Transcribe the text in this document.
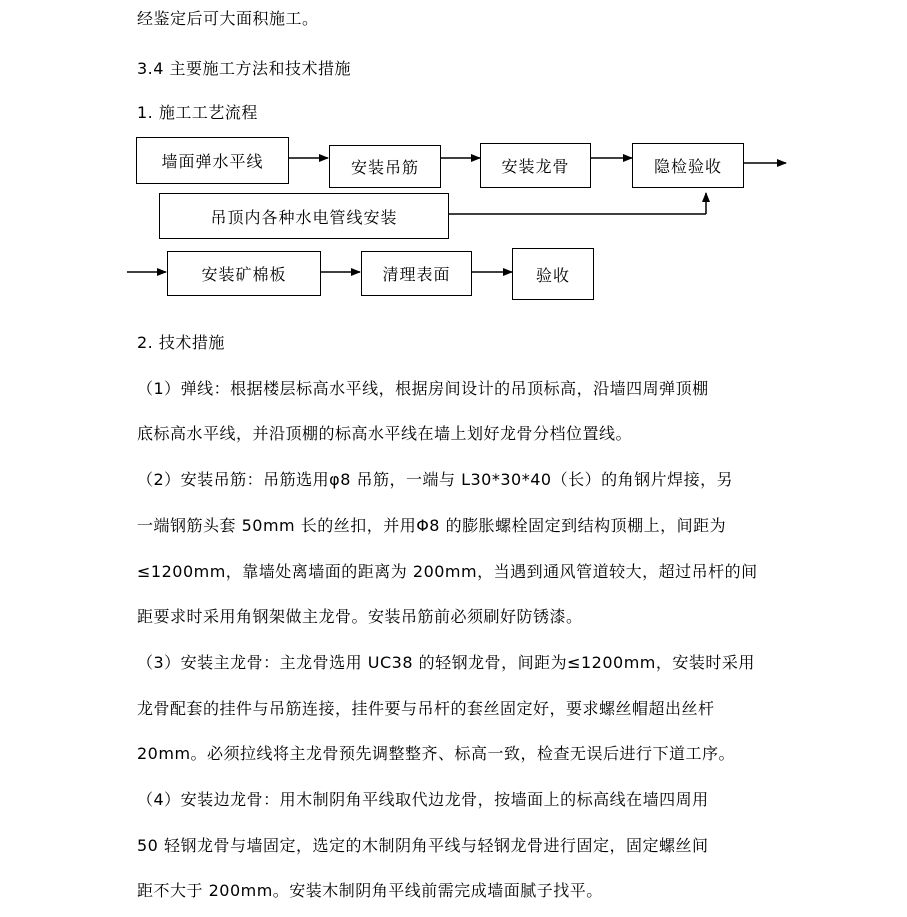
经鉴定后可大面积施工。
3.4 主要施工方法和技术措施
1. 施工工艺流程
墙面弹水平线	安装吊筋	安装龙骨	隐检验收
吊顶内各种水电管线安装
安装矿棉板	清理表面	验收
2. 技术措施
（1）弹线：根据楼层标高水平线，根据房间设计的吊顶标高，沿墙四周弹顶棚
底标高水平线，并沿顶棚的标高水平线在墙上划好龙骨分档位置线。
（2）安装吊筋：吊筋选用φ8 吊筋，一端与 L30*30*40（长）的角钢片焊接，另
一端钢筋头套 50mm 长的丝扣，并用Φ8 的膨胀螺栓固定到结构顶棚上，间距为
≤1200mm，靠墙处离墙面的距离为 200mm，当遇到通风管道较大，超过吊杆的间
距要求时采用角钢架做主龙骨。安装吊筋前必须刷好防锈漆。
（3）安装主龙骨：主龙骨选用 UC38 的轻钢龙骨，间距为≤1200mm，安装时采用
龙骨配套的挂件与吊筋连接，挂件要与吊杆的套丝固定好，要求螺丝帽超出丝杆
20mm。必须拉线将主龙骨预先调整整齐、标高一致，检查无误后进行下道工序。
（4）安装边龙骨：用木制阴角平线取代边龙骨，按墙面上的标高线在墙四周用
50 轻钢龙骨与墙固定，选定的木制阴角平线与轻钢龙骨进行固定，固定螺丝间
距不大于 200mm。安装木制阴角平线前需完成墙面腻子找平。
